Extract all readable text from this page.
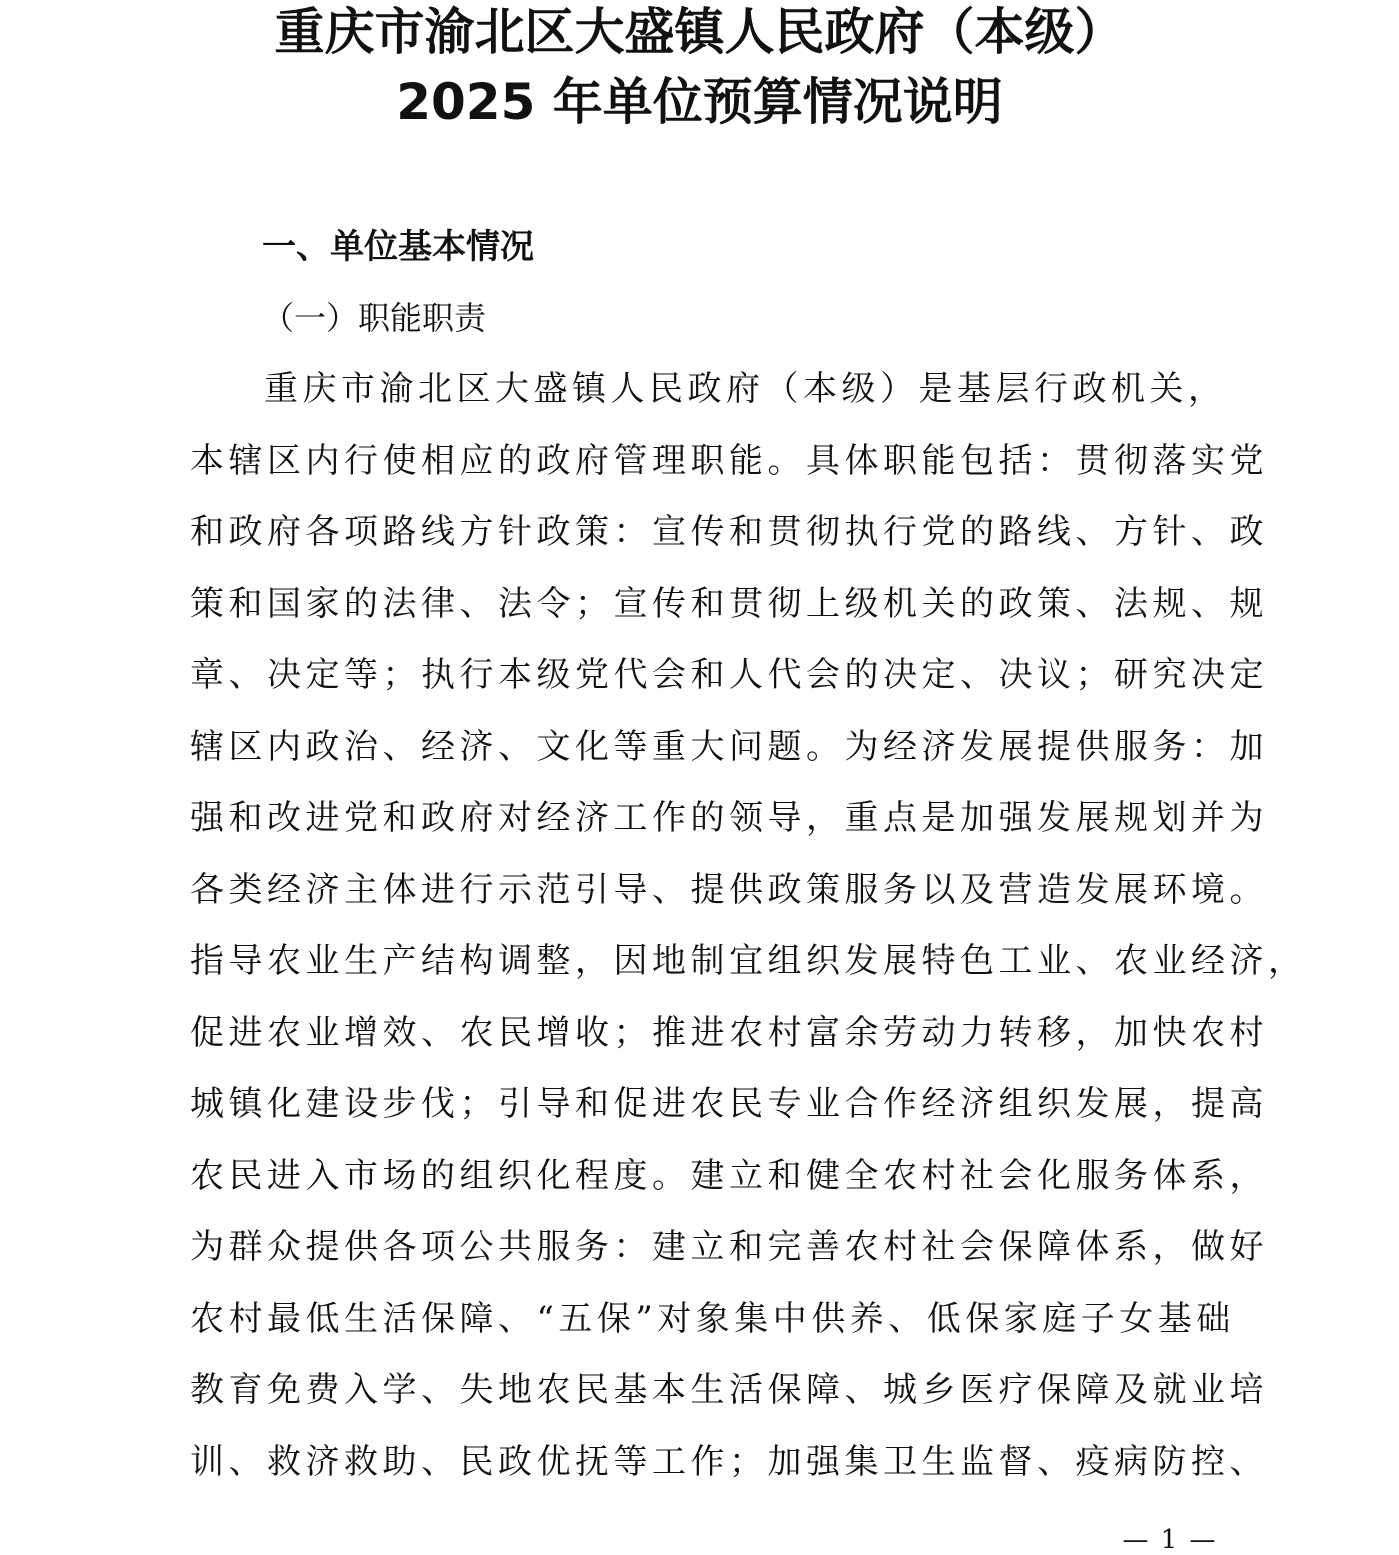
重庆市渝北区大盛镇人民政府（本级）
2025 年单位预算情况说明
一、单位基本情况
（一）职能职责
重庆市渝北区大盛镇人民政府（本级）是基层行政机关，
本辖区内行使相应的政府管理职能。具体职能包括：贯彻落实党
和政府各项路线方针政策：宣传和贯彻执行党的路线、方针、政
策和国家的法律、法令；宣传和贯彻上级机关的政策、法规、规
章、决定等；执行本级党代会和人代会的决定、决议；研究决定
辖区内政治、经济、文化等重大问题。为经济发展提供服务：加
强和改进党和政府对经济工作的领导，重点是加强发展规划并为
各类经济主体进行示范引导、提供政策服务以及营造发展环境。
指导农业生产结构调整，因地制宜组织发展特色工业、农业经济，
促进农业增效、农民增收；推进农村富余劳动力转移，加快农村
城镇化建设步伐；引导和促进农民专业合作经济组织发展，提高
农民进入市场的组织化程度。建立和健全农村社会化服务体系，
为群众提供各项公共服务：建立和完善农村社会保障体系，做好
农村最低生活保障、“五保”对象集中供养、低保家庭子女基础
教育免费入学、失地农民基本生活保障、城乡医疗保障及就业培
训、救济救助、民政优抚等工作；加强集卫生监督、疫病防控、
— 1 —
